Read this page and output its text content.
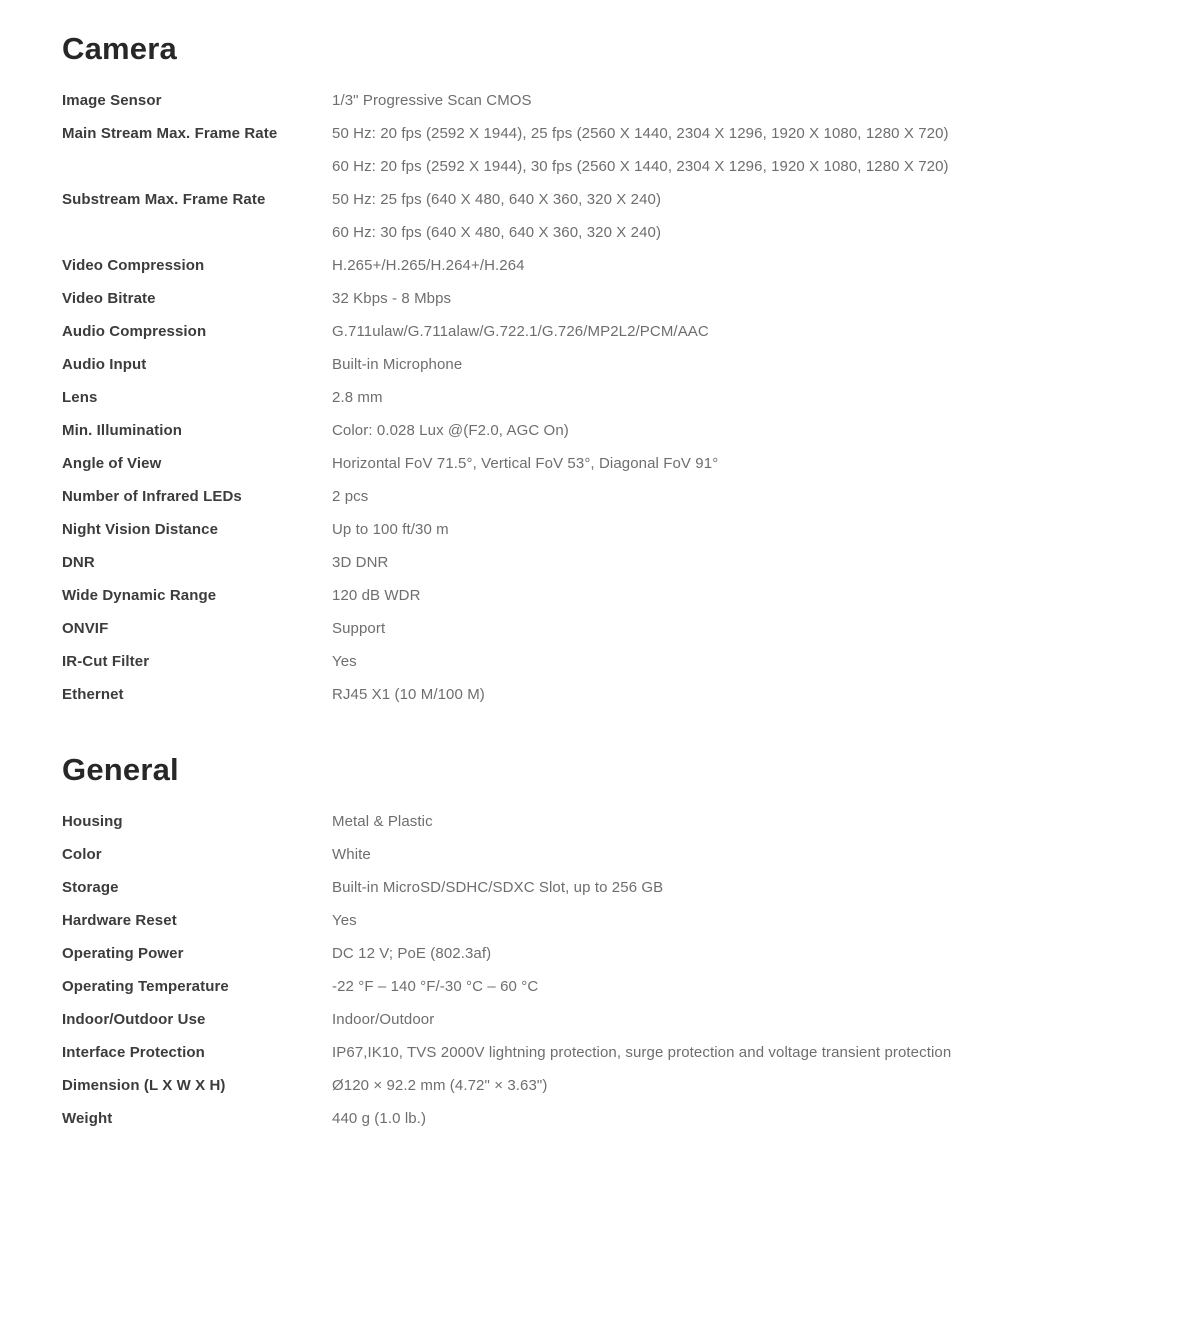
Camera
Image Sensor	1/3" Progressive Scan CMOS
Main Stream Max. Frame Rate	50 Hz: 20 fps (2592 X 1944), 25 fps (2560 X 1440, 2304 X 1296, 1920 X 1080, 1280 X 720)
60 Hz: 20 fps (2592 X 1944), 30 fps (2560 X 1440, 2304 X 1296, 1920 X 1080, 1280 X 720)
Substream Max. Frame Rate	50 Hz: 25 fps (640 X 480, 640 X 360, 320 X 240)
60 Hz: 30 fps (640 X 480, 640 X 360, 320 X 240)
Video Compression	H.265+/H.265/H.264+/H.264
Video Bitrate	32 Kbps - 8 Mbps
Audio Compression	G.711ulaw/G.711alaw/G.722.1/G.726/MP2L2/PCM/AAC
Audio Input	Built-in Microphone
Lens	2.8 mm
Min. Illumination	Color: 0.028 Lux @(F2.0, AGC On)
Angle of View	Horizontal FoV 71.5°, Vertical FoV 53°, Diagonal FoV 91°
Number of Infrared LEDs	2 pcs
Night Vision Distance	Up to 100 ft/30 m
DNR	3D DNR
Wide Dynamic Range	120 dB WDR
ONVIF	Support
IR-Cut Filter	Yes
Ethernet	RJ45 X1 (10 M/100 M)
General
Housing	Metal & Plastic
Color	White
Storage	Built-in MicroSD/SDHC/SDXC Slot, up to 256 GB
Hardware Reset	Yes
Operating Power	DC 12 V; PoE (802.3af)
Operating Temperature	-22 °F – 140 °F/-30 °C – 60 °C
Indoor/Outdoor Use	Indoor/Outdoor
Interface Protection	IP67,IK10, TVS 2000V lightning protection, surge protection and voltage transient protection
Dimension (L X W X H)	Ø120 × 92.2 mm (4.72" × 3.63")
Weight	440 g (1.0 lb.)
